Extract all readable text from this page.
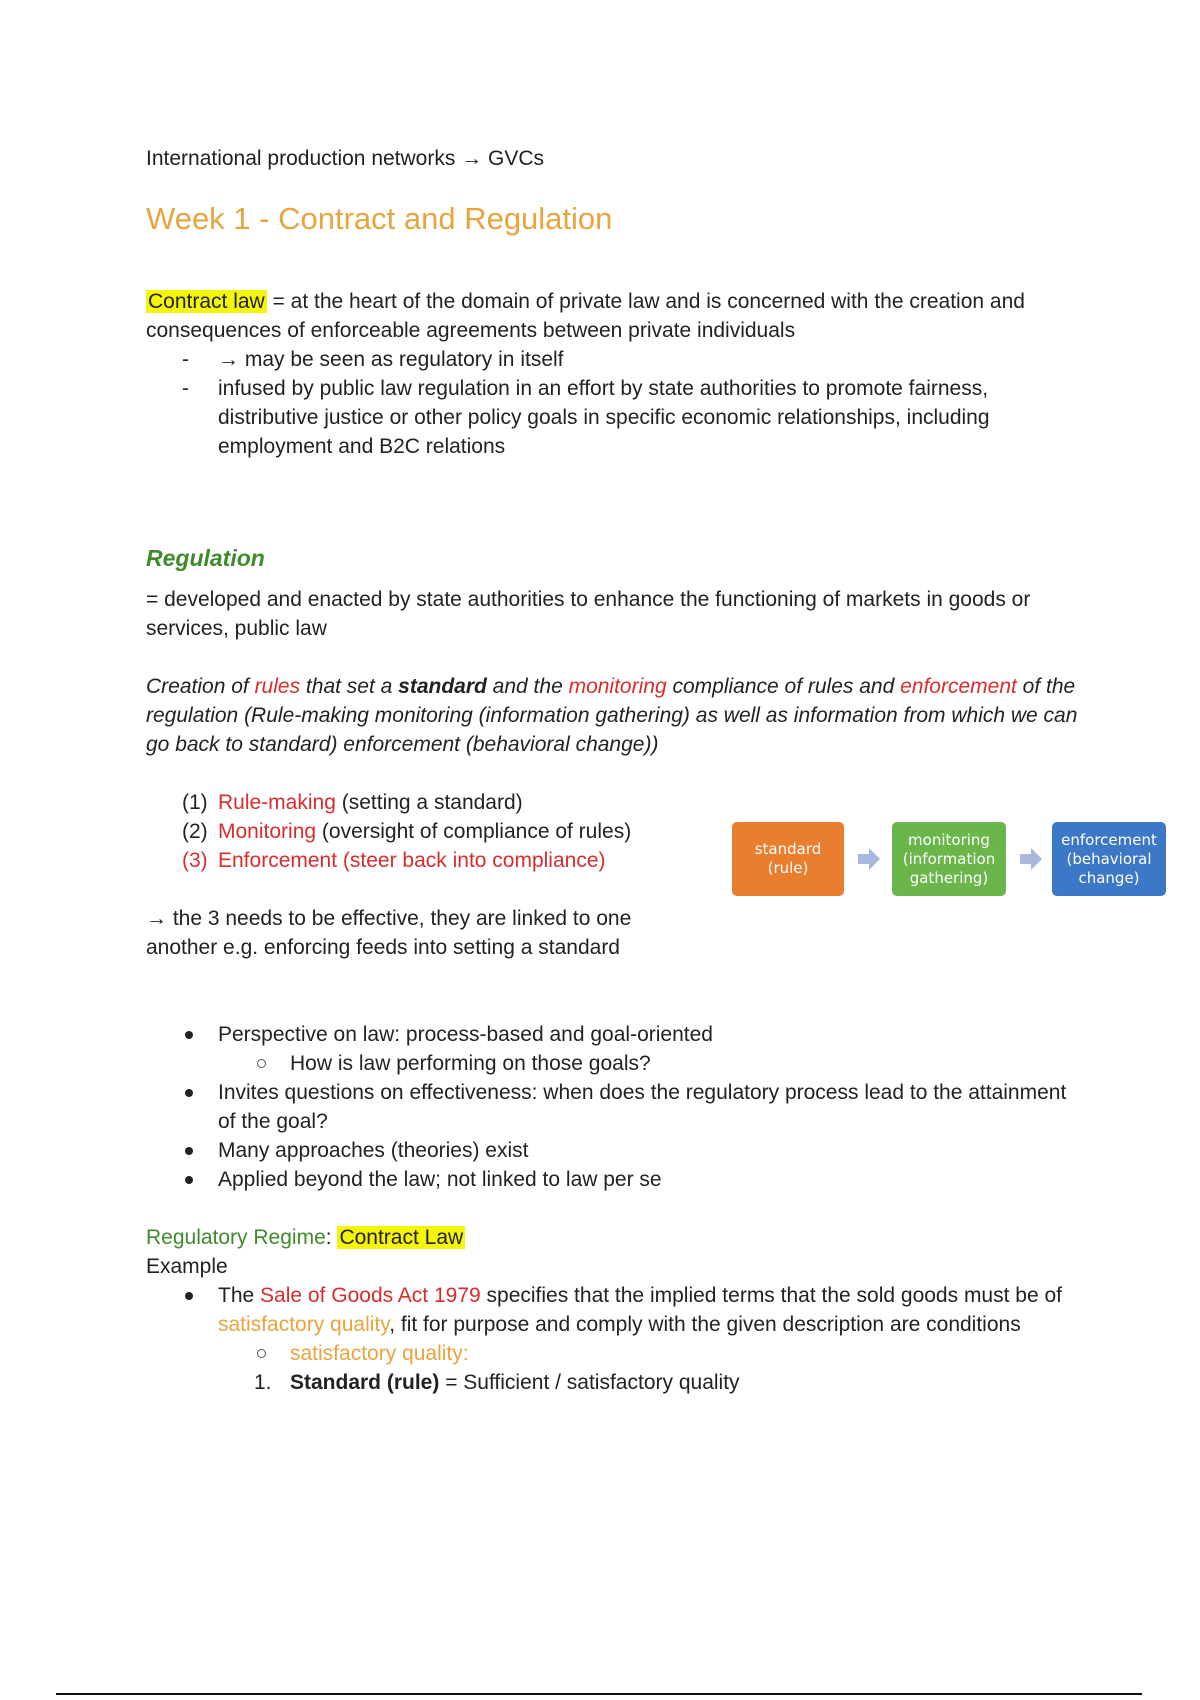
International production networks → GVCs

Week 1 - Contract and Regulation

Contract law = at the heart of the domain of private law and is concerned with the creation and consequences of enforceable agreements between private individuals

- → may be seen as regulatory in itself
- infused by public law regulation in an effort by state authorities to promote fairness, distributive justice or other policy goals in specific economic relationships, including employment and B2C relations
Regulation

= developed and enacted by state authorities to enhance the functioning of markets in goods or services, public law

Creation of rules that set a standard and the monitoring compliance of rules and enforcement of the regulation (Rule-making monitoring (information gathering) as well as information from which we can go back to standard) enforcement (behavioral change))

(1) Rule-making (setting a standard)
(2) Monitoring (oversight of compliance of rules)
(3) Enforcement (steer back into compliance)

→ the 3 needs to be effective, they are linked to one another e.g. enforcing feeds into setting a standard

Perspective on law: process-based and goal-oriented
How is law performing on those goals?
Invites questions on effectiveness: when does the regulatory process lead to the attainment of the goal?
Many approaches (theories) exist
Applied beyond the law; not linked to law per se

Regulatory Regime: Contract Law

Example

The Sale of Goods Act 1979 specifies that the implied terms that the sold goods must be of satisfactory quality, fit for purpose and comply with the given description are conditions
satisfactory quality:
1. Standard (rule) = Sufficient / satisfactory quality
standard
(rule)
monitoring
(information
gathering)
enforcement
(behavioral
change)
